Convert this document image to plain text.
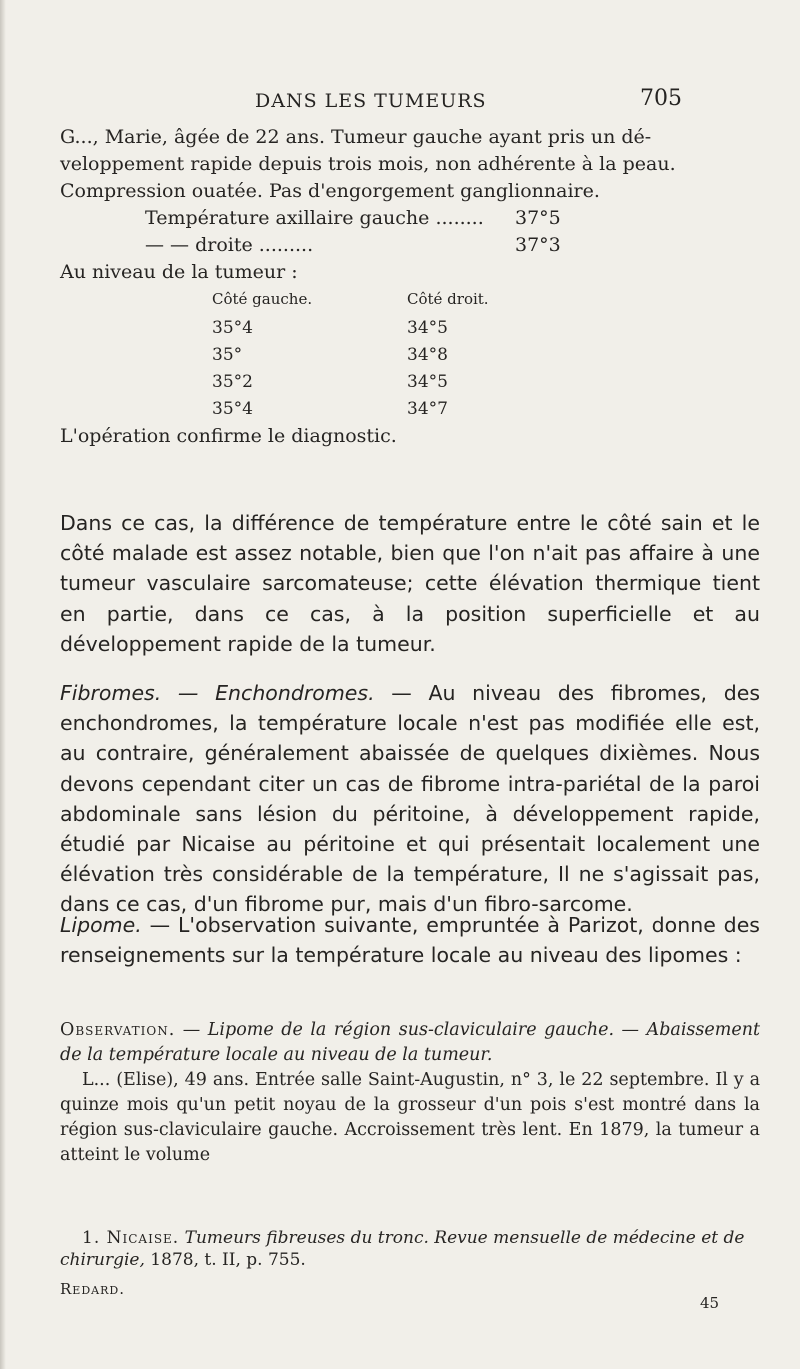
DANS LES TUMEURS	705

G..., Marie, âgée de 22 ans. Tumeur gauche ayant pris un dé-

veloppement rapide depuis trois mois, non adhérente à la peau.

Compression ouatée. Pas d'engorgement ganglionnaire.

Température axillaire gauche ........ 37°5
— — droite .........	37°3

Au niveau de la tumeur :

Côté gauche.	Côté droit.
35°4	34°5
35°	34°8
35°2	34°5
35°4	34°7

L'opération confirme le diagnostic.

Dans ce cas, la différence de température entre le côté sain et le côté malade est assez notable, bien que l'on n'ait pas affaire à une tumeur vasculaire sarcomateuse; cette élévation thermique tient en partie, dans ce cas, à la position superficielle et au développement rapide de la tumeur.

Fibromes. — Enchondromes. — Au niveau des fibromes, des enchondromes, la température locale n'est pas modifiée elle est, au contraire, généralement abaissée de quelques dixièmes. Nous devons cependant citer un cas de fibrome intra-pariétal de la paroi abdominale sans lésion du péritoine, à développement rapide, étudié par Nicaise au péritoine et qui présentait localement une élévation très considérable de la température, Il ne s'agissait pas, dans ce cas, d'un fibrome pur, mais d'un fibro-sarcome.

Lipome. — L'observation suivante, empruntée à Parizot, donne des renseignements sur la température locale au niveau des lipomes :

Observation. — Lipome de la région sus-claviculaire gauche. — Abaissement de la température locale au niveau de la tumeur.

L... (Elise), 49 ans. Entrée salle Saint-Augustin, n° 3, le 22 septembre. Il y a quinze mois qu'un petit noyau de la grosseur d'un pois s'est montré dans la région sus-claviculaire gauche. Accroissement très lent. En 1879, la tumeur a atteint le volume

1. Nicaise. Tumeurs fibreuses du tronc. Revue mensuelle de médecine et de chirurgie, 1878, t. II, p. 755.

Redard.
45
